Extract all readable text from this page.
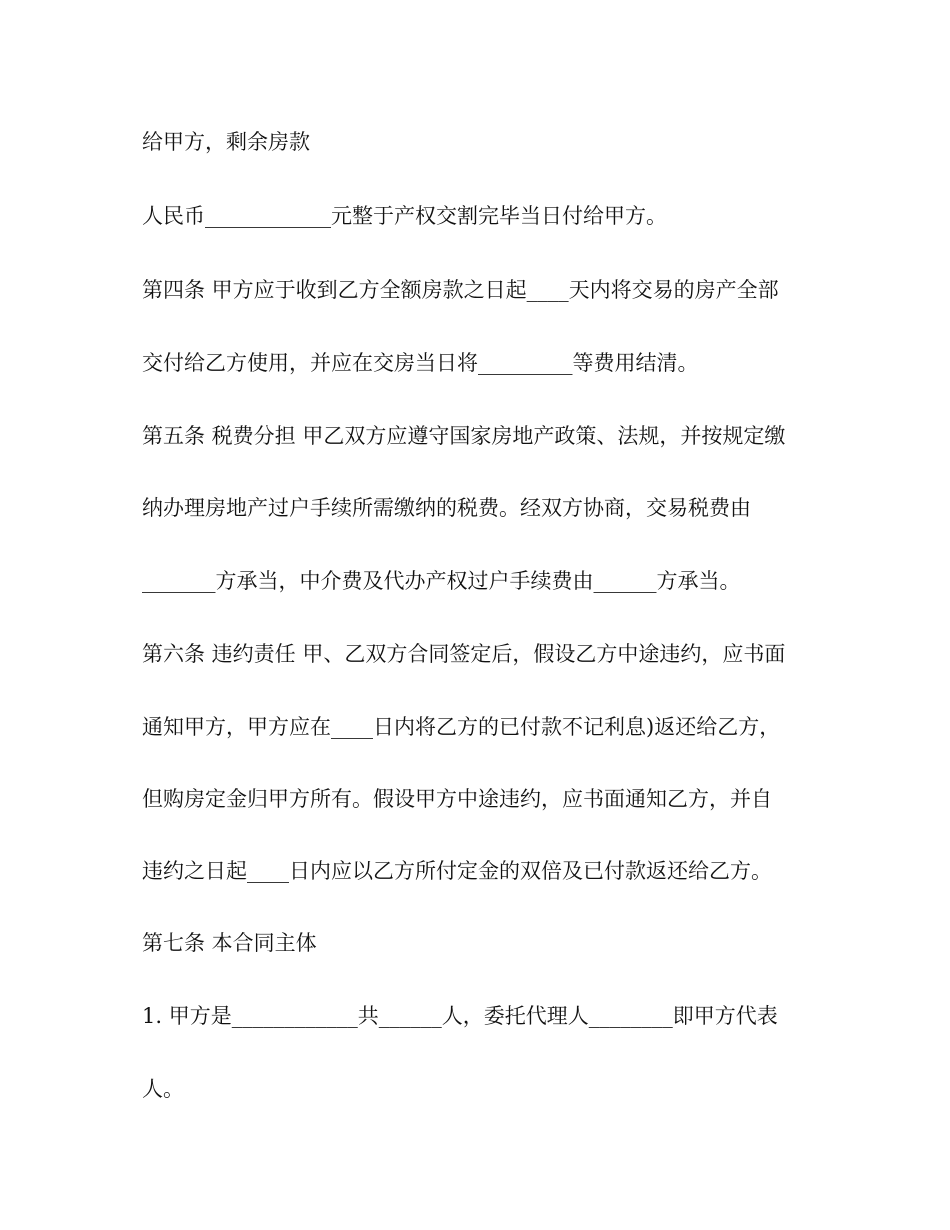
给甲方，剩余房款

人民币____________元整于产权交割完毕当日付给甲方。

第四条 甲方应于收到乙方全额房款之日起____天内将交易的房产全部

交付给乙方使用，并应在交房当日将_________等费用结清。

第五条 税费分担 甲乙双方应遵守国家房地产政策、法规，并按规定缴

纳办理房地产过户手续所需缴纳的税费。经双方协商，交易税费由

_______方承当，中介费及代办产权过户手续费由______方承当。

第六条 违约责任 甲、乙双方合同签定后，假设乙方中途违约，应书面

通知甲方，甲方应在____日内将乙方的已付款不记利息)返还给乙方，

但购房定金归甲方所有。假设甲方中途违约，应书面通知乙方，并自

违约之日起____日内应以乙方所付定金的双倍及已付款返还给乙方。

第七条 本合同主体

1. 甲方是____________共______人，委托代理人________即甲方代表

人。
